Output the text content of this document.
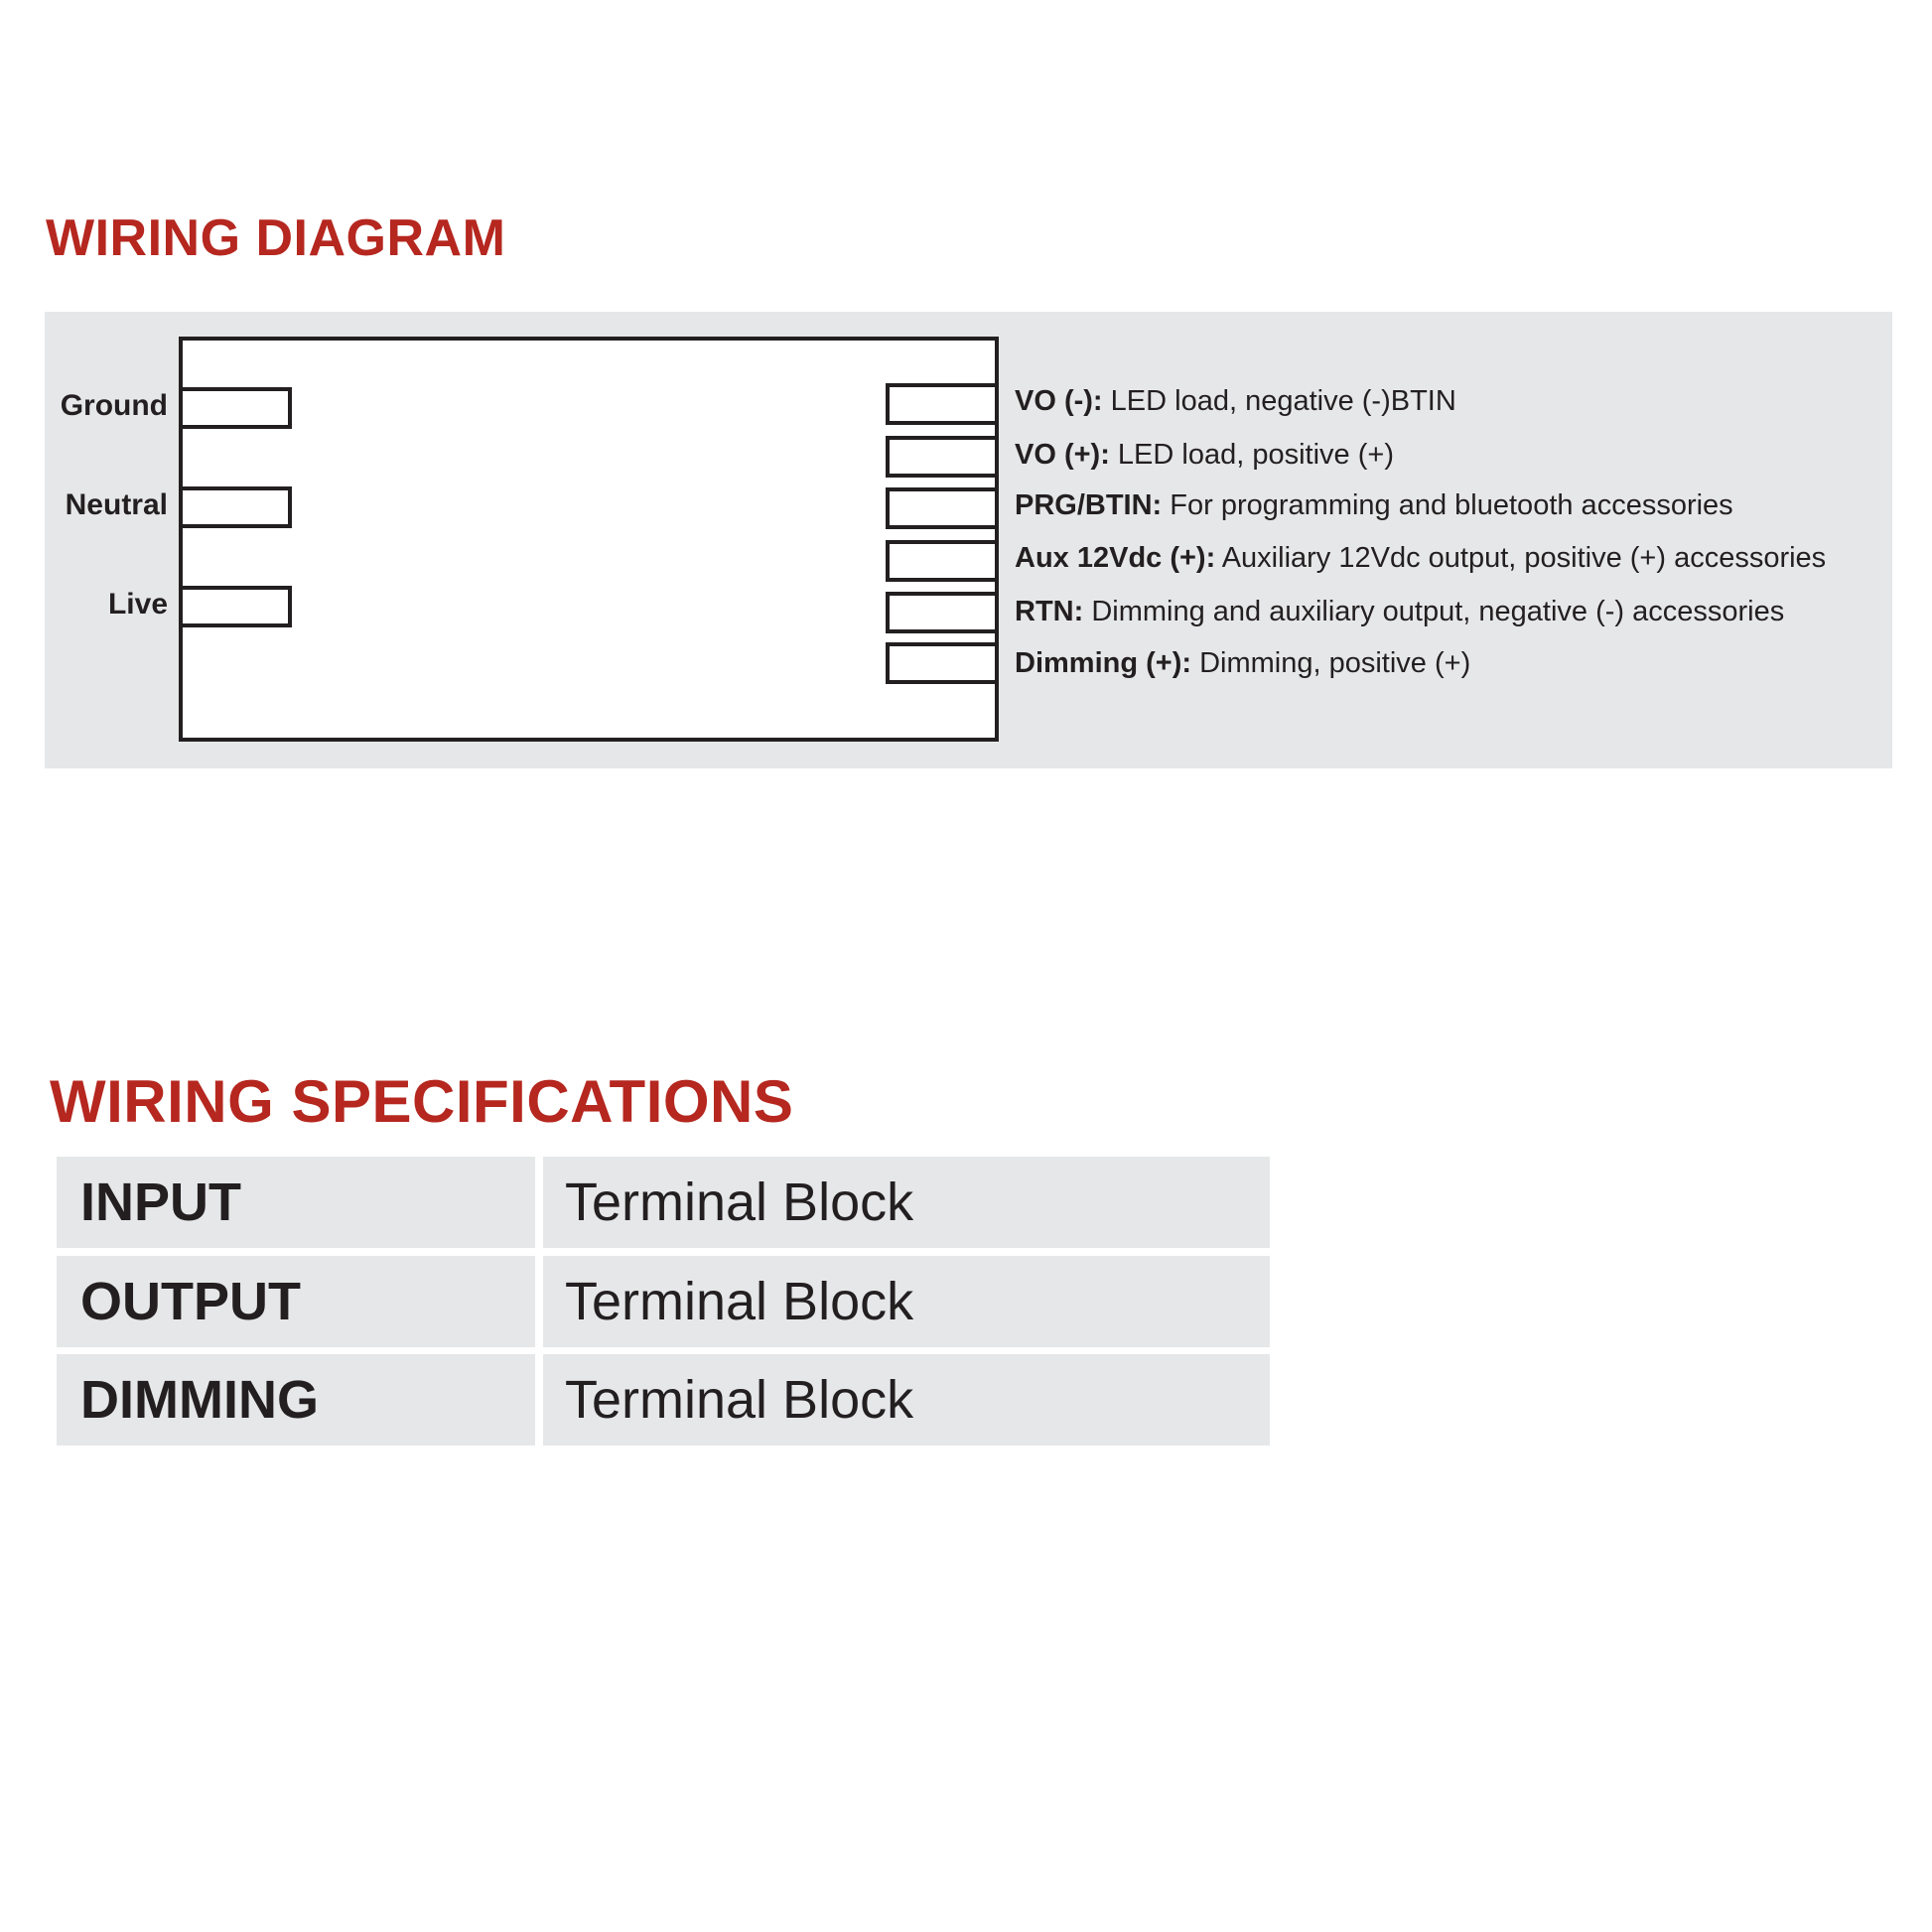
WIRING DIAGRAM
Ground
Neutral
Live
VO (-): LED load, negative (-)BTIN
VO (+): LED load, positive (+)
PRG/BTIN: For programming and bluetooth accessories
Aux 12Vdc (+): Auxiliary 12Vdc output, positive (+) accessories
RTN: Dimming and auxiliary output, negative (-) accessories
Dimming (+): Dimming, positive (+)
WIRING SPECIFICATIONS
INPUT	Terminal Block
OUTPUT	Terminal Block
DIMMING	Terminal Block
